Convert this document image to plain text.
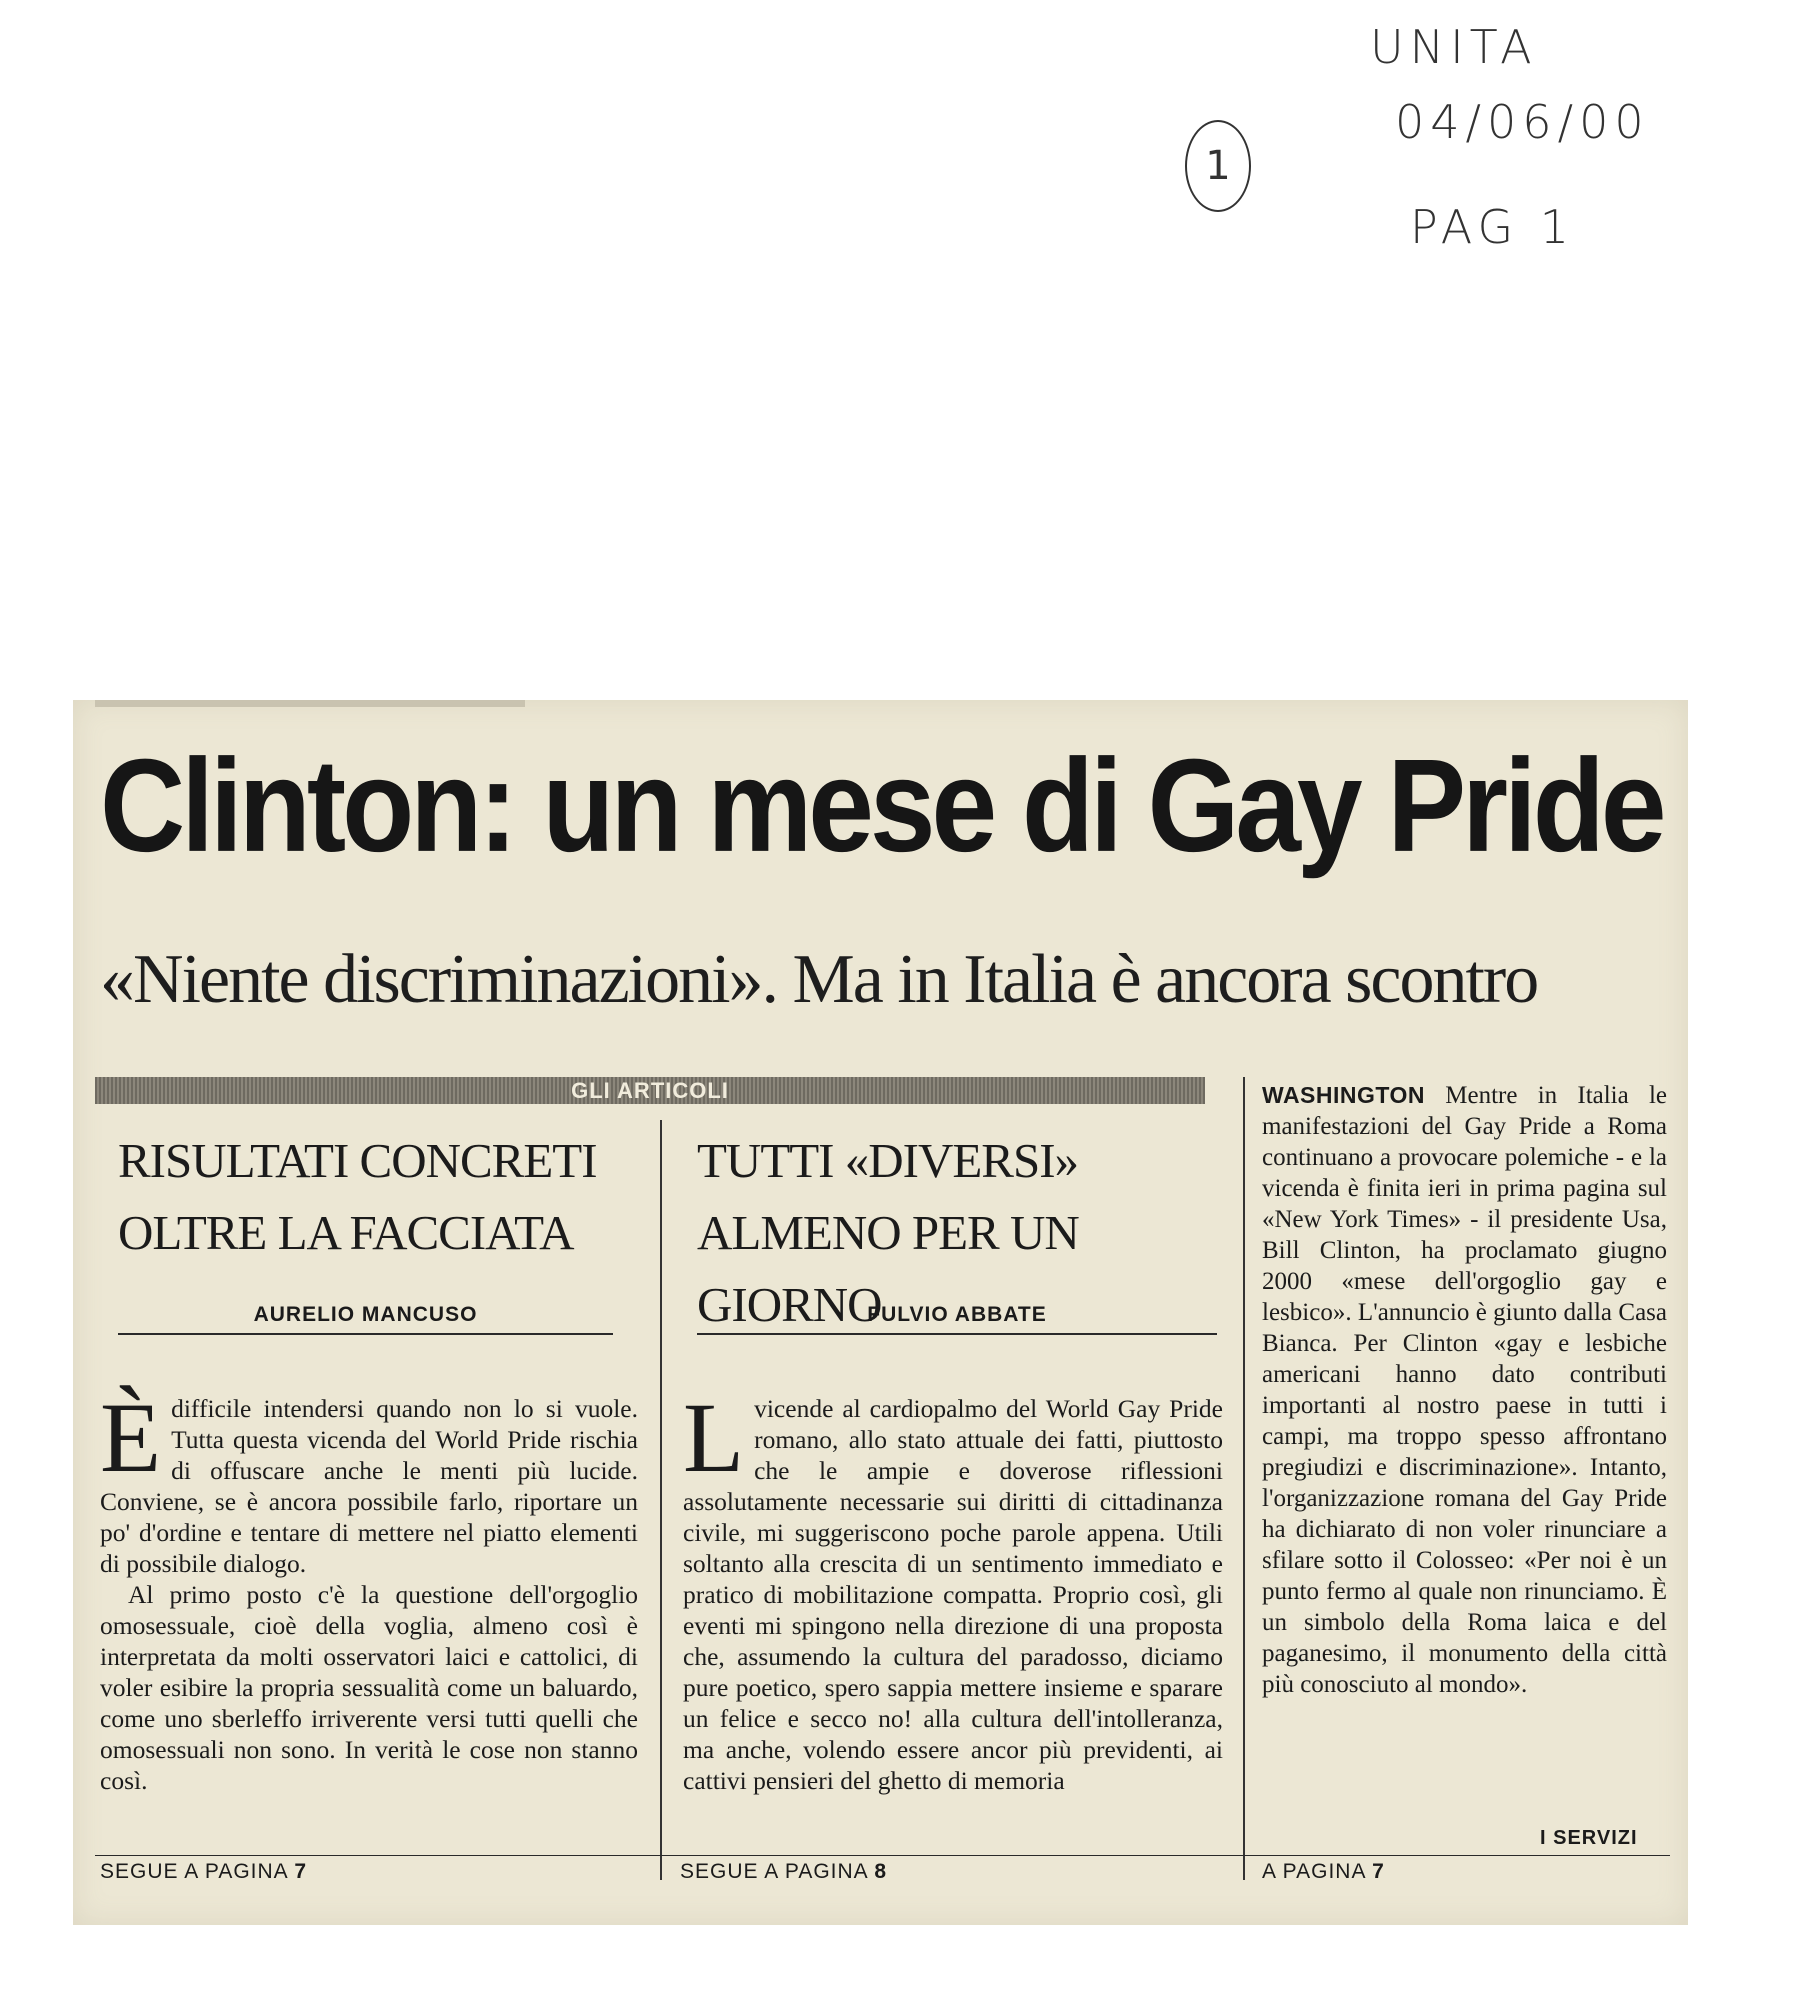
1
UNITA
04/06/00
PAG 1
Clinton: un mese di Gay Pride
«Niente discriminazioni». Ma in Italia è ancora scontro
GLI ARTICOLI
RISULTATI CONCRETI
OLTRE LA FACCIATA
AURELIO MANCUSO

Èdifficile intendersi quando non lo si vuole. Tutta questa vicenda del World Pride rischia di offuscare anche le menti più lucide. Conviene, se è ancora possibile farlo, riportare un po' d'ordine e tentare di mettere nel piatto elementi di possibile dialogo.

Al primo posto c'è la questione dell'orgoglio omosessuale, cioè della voglia, almeno così è interpretata da molti osservatori laici e cattolici, di voler esibire la propria sessualità come un baluardo, come uno sberleffo irriverente versi tutti quelli che omosessuali non sono. In verità le cose non stanno così.

SEGUE A PAGINA 7
TUTTI «DIVERSI»
ALMENO PER UN GIORNO
FULVIO ABBATE

Lvicende al cardiopalmo del World Gay Pride romano, allo stato attuale dei fatti, piuttosto che le ampie e doverose riflessioni assolutamente necessarie sui diritti di cittadinanza civile, mi suggeriscono poche parole appena. Utili soltanto alla crescita di un sentimento immediato e pratico di mobilitazione compatta. Proprio così, gli eventi mi spingono nella direzione di una proposta che, assumendo la cultura del paradosso, diciamo pure poetico, spero sappia mettere insieme e sparare un felice e secco no! alla cultura dell'intolleranza, ma anche, volendo essere ancor più previdenti, ai cattivi pensieri del ghetto di memoria

SEGUE A PAGINA 8

WASHINGTON Mentre in Italia le manifestazioni del Gay Pride a Roma continuano a provocare polemiche - e la vicenda è finita ieri in prima pagina sul «New York Times» - il presidente Usa, Bill Clinton, ha proclamato giugno 2000 «mese dell'orgoglio gay e lesbico». L'annuncio è giunto dalla Casa Bianca. Per Clinton «gay e lesbiche americani hanno dato contributi importanti al nostro paese in tutti i campi, ma troppo spesso affrontano pregiudizi e discriminazione». Intanto, l'organizzazione romana del Gay Pride ha dichiarato di non voler rinunciare a sfilare sotto il Colosseo: «Per noi è un punto fermo al quale non rinunciamo. È un simbolo della Roma laica e del paganesimo, il monumento della città più conosciuto al mondo».

I SERVIZI
A PAGINA 7
